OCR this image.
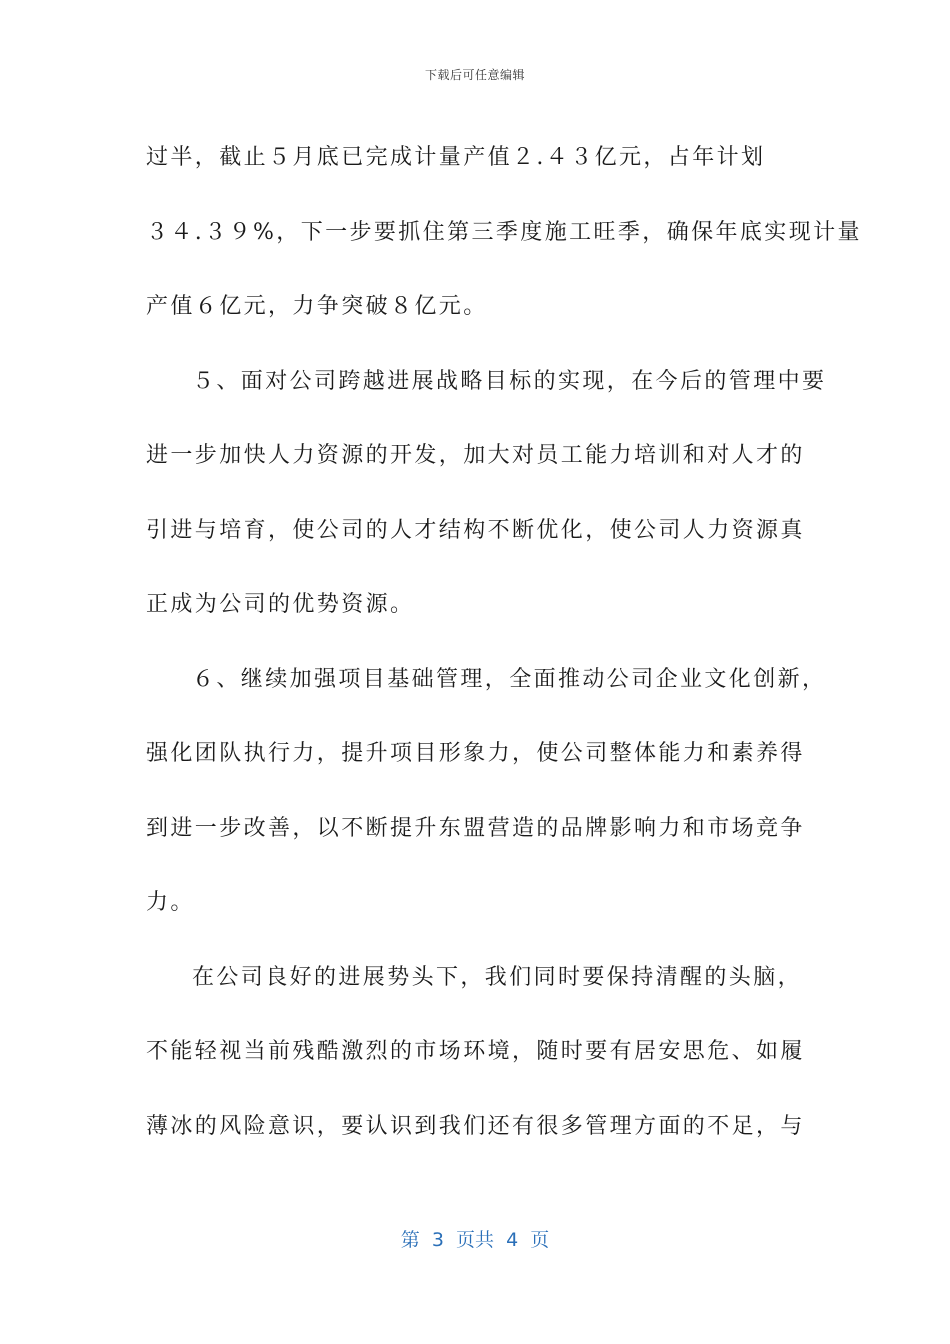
下载后可任意编辑
过半，截止５月底已完成计量产值２.４３亿元，占年计划
３４.３９%，下一步要抓住第三季度施工旺季，确保年底实现计量
产值６亿元，力争突破８亿元。
５、面对公司跨越进展战略目标的实现，在今后的管理中要
进一步加快人力资源的开发，加大对员工能力培训和对人才的
引进与培育，使公司的人才结构不断优化，使公司人力资源真
正成为公司的优势资源。
６、继续加强项目基础管理，全面推动公司企业文化创新，
强化团队执行力，提升项目形象力，使公司整体能力和素养得
到进一步改善，以不断提升东盟营造的品牌影响力和市场竞争
力。
在公司良好的进展势头下，我们同时要保持清醒的头脑，
不能轻视当前残酷激烈的市场环境，随时要有居安思危、如履
薄冰的风险意识，要认识到我们还有很多管理方面的不足，与
第  3  页共  4  页
